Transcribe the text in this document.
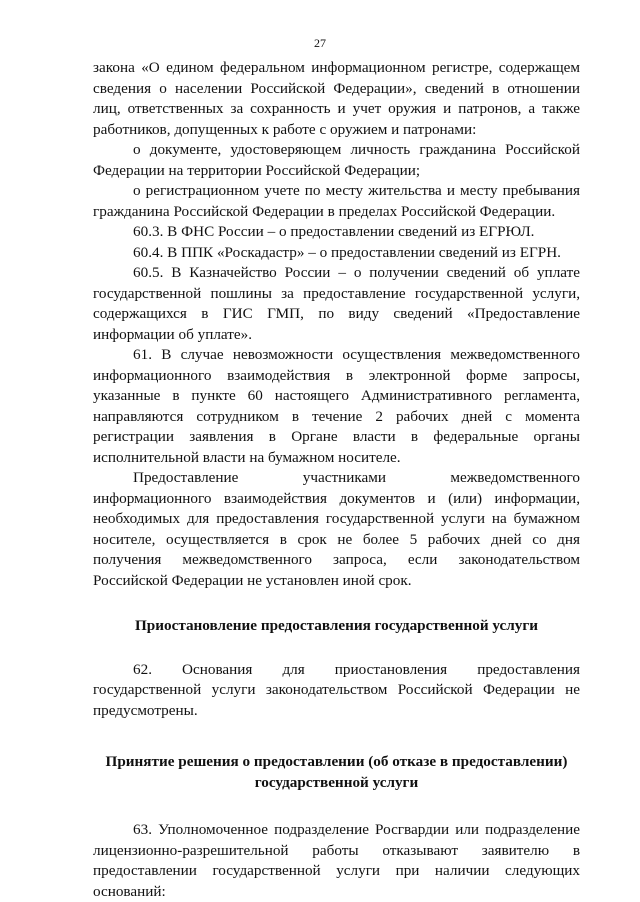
27

закона «О едином федеральном информационном регистре, содержащем сведения о населении Российской Федерации», сведений в отношении лиц, ответственных за сохранность и учет оружия и патронов, а также работников, допущенных к работе с оружием и патронами:

о документе, удостоверяющем личность гражданина Российской Федерации на территории Российской Федерации;

о регистрационном учете по месту жительства и месту пребывания гражданина Российской Федерации в пределах Российской Федерации.

60.3. В ФНС России – о предоставлении сведений из ЕГРЮЛ.

60.4. В ППК «Роскадастр» – о предоставлении сведений из ЕГРН.

60.5. В Казначейство России – о получении сведений об уплате государственной пошлины за предоставление государственной услуги, содержащихся в ГИС ГМП, по виду сведений «Предоставление информации об уплате».

61. В случае невозможности осуществления межведомственного информационного взаимодействия в электронной форме запросы, указанные в пункте 60 настоящего Административного регламента, направляются сотрудником в течение 2 рабочих дней с момента регистрации заявления в Органе власти в федеральные органы исполнительной власти на бумажном носителе.

Предоставление участниками межведомственного информационного взаимодействия документов и (или) информации, необходимых для предоставления государственной услуги на бумажном носителе, осуществляется в срок не более 5 рабочих дней со дня получения межведомственного запроса, если законодательством Российской Федерации не установлен иной срок.

Приостановление предоставления государственной услуги

62. Основания для приостановления предоставления государственной услуги законодательством Российской Федерации не предусмотрены.

Принятие решения о предоставлении (об отказе в предоставлении)
государственной услуги

63. Уполномоченное подразделение Росгвардии или подразделение лицензионно-разрешительной работы отказывают заявителю в предоставлении государственной услуги при наличии следующих оснований:
